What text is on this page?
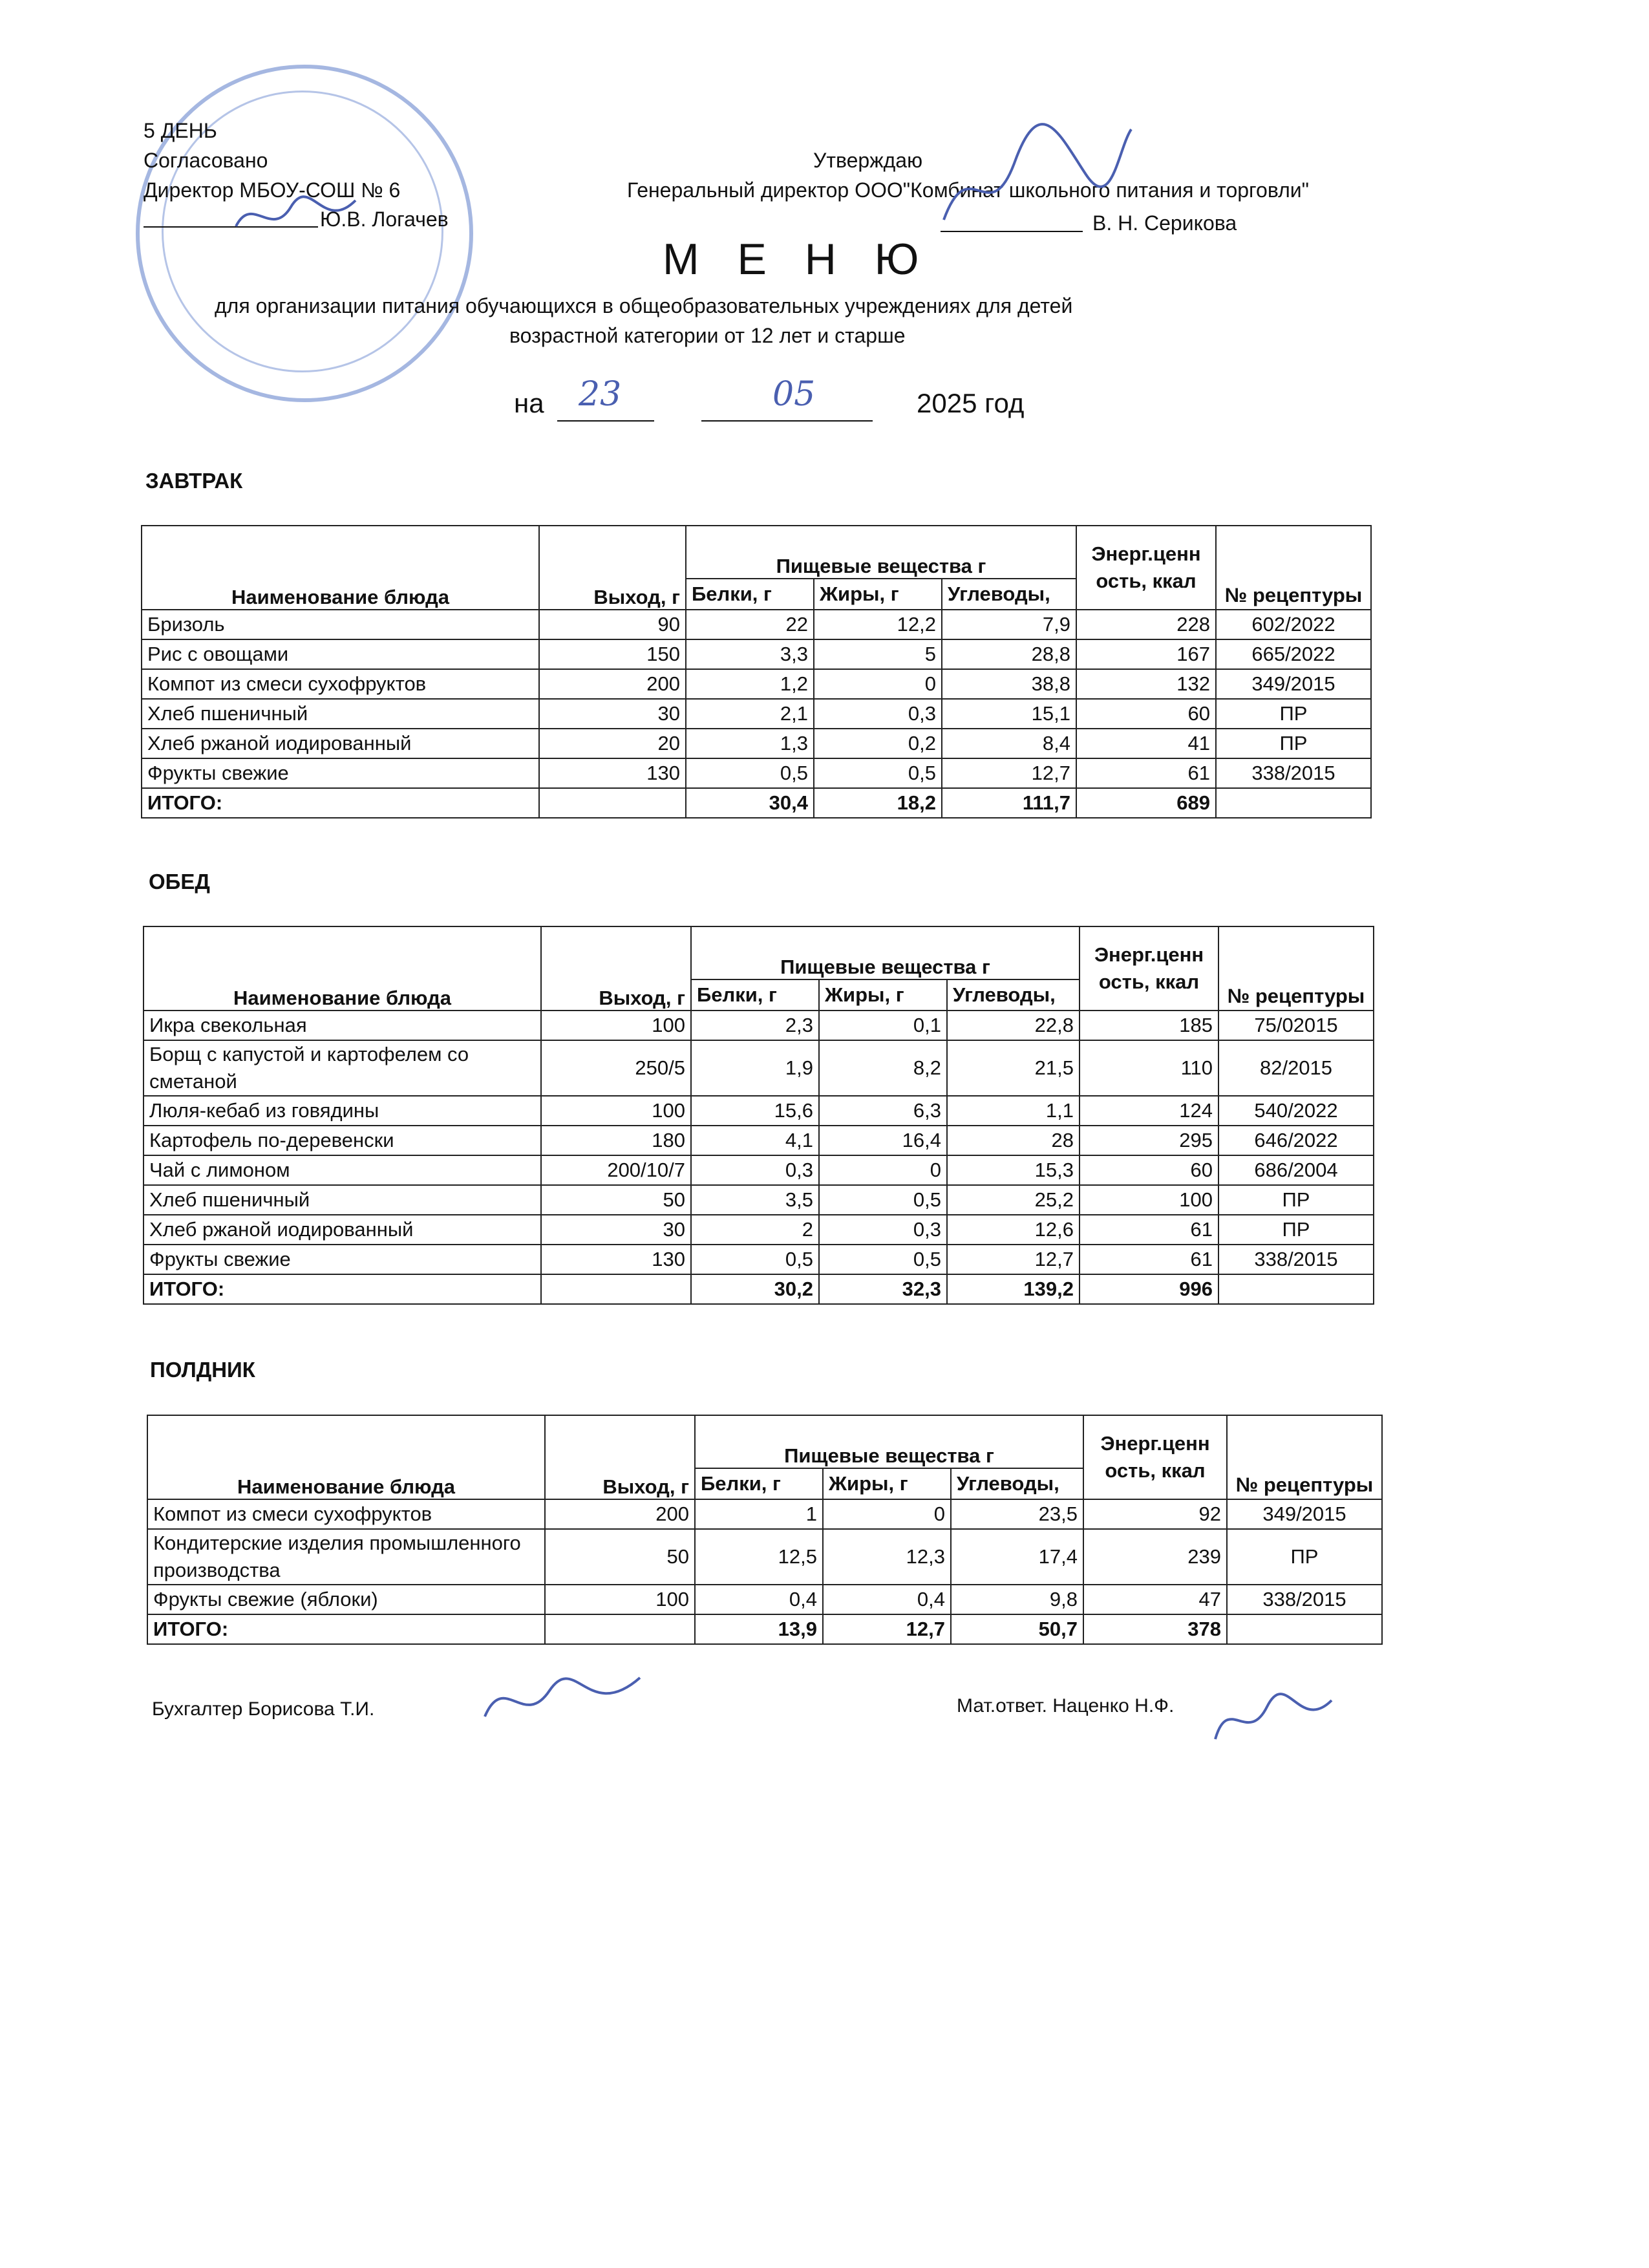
5 ДЕНЬ
Согласовано
Директор МБОУ-СОШ № 6
Ю.В. Логачев
Утверждаю
Генеральный директор ООО"Комбинат школьного питания и торговли"
В. Н. Серикова
М Е Н Ю
для организации питания обучающихся в общеобразовательных учреждениях для детей
возрастной категории от 12 лет и старше
на 23	05	2025 год
ЗАВТРАК
Наименование блюда	Выход, г	Пищевые вещества г			Энерг.ценн ость, ккал	№ рецептуры
		Белки, г	Жиры, г	Углеводы,		
Бризоль	90	22	12,2	7,9	228	602/2022
Рис с овощами	150	3,3	5	28,8	167	665/2022
Компот из смеси сухофруктов	200	1,2	0	38,8	132	349/2015
Хлеб пшеничный	30	2,1	0,3	15,1	60	ПР
Хлеб ржаной иодированный	20	1,3	0,2	8,4	41	ПР
Фрукты свежие	130	0,5	0,5	12,7	61	338/2015
ИТОГО:		30,4	18,2	111,7	689	
ОБЕД
Наименование блюда	Выход, г	Пищевые вещества г			Энерг.ценн ость, ккал	№ рецептуры
		Белки, г	Жиры, г	Углеводы,		
Икра свекольная	100	2,3	0,1	22,8	185	75/02015
Борщ с капустой и картофелем со сметаной	250/5	1,9	8,2	21,5	110	82/2015
Люля-кебаб из говядины	100	15,6	6,3	1,1	124	540/2022
Картофель по-деревенски	180	4,1	16,4	28	295	646/2022
Чай с лимоном	200/10/7	0,3	0	15,3	60	686/2004
Хлеб пшеничный	50	3,5	0,5	25,2	100	ПР
Хлеб ржаной иодированный	30	2	0,3	12,6	61	ПР
Фрукты свежие	130	0,5	0,5	12,7	61	338/2015
ИТОГО:		30,2	32,3	139,2	996	
ПОЛДНИК
Наименование блюда	Выход, г	Пищевые вещества г			Энерг.ценн ость, ккал	№ рецептуры
		Белки, г	Жиры, г	Углеводы,		
Компот из смеси сухофруктов	200	1	0	23,5	92	349/2015
Кондитерские изделия промышленного производства	50	12,5	12,3	17,4	239	ПР
Фрукты свежие (яблоки)	100	0,4	0,4	9,8	47	338/2015
ИТОГО:		13,9	12,7	50,7	378	
Бухгалтер Борисова Т.И.	Мат.ответ. Наценко Н.Ф.
